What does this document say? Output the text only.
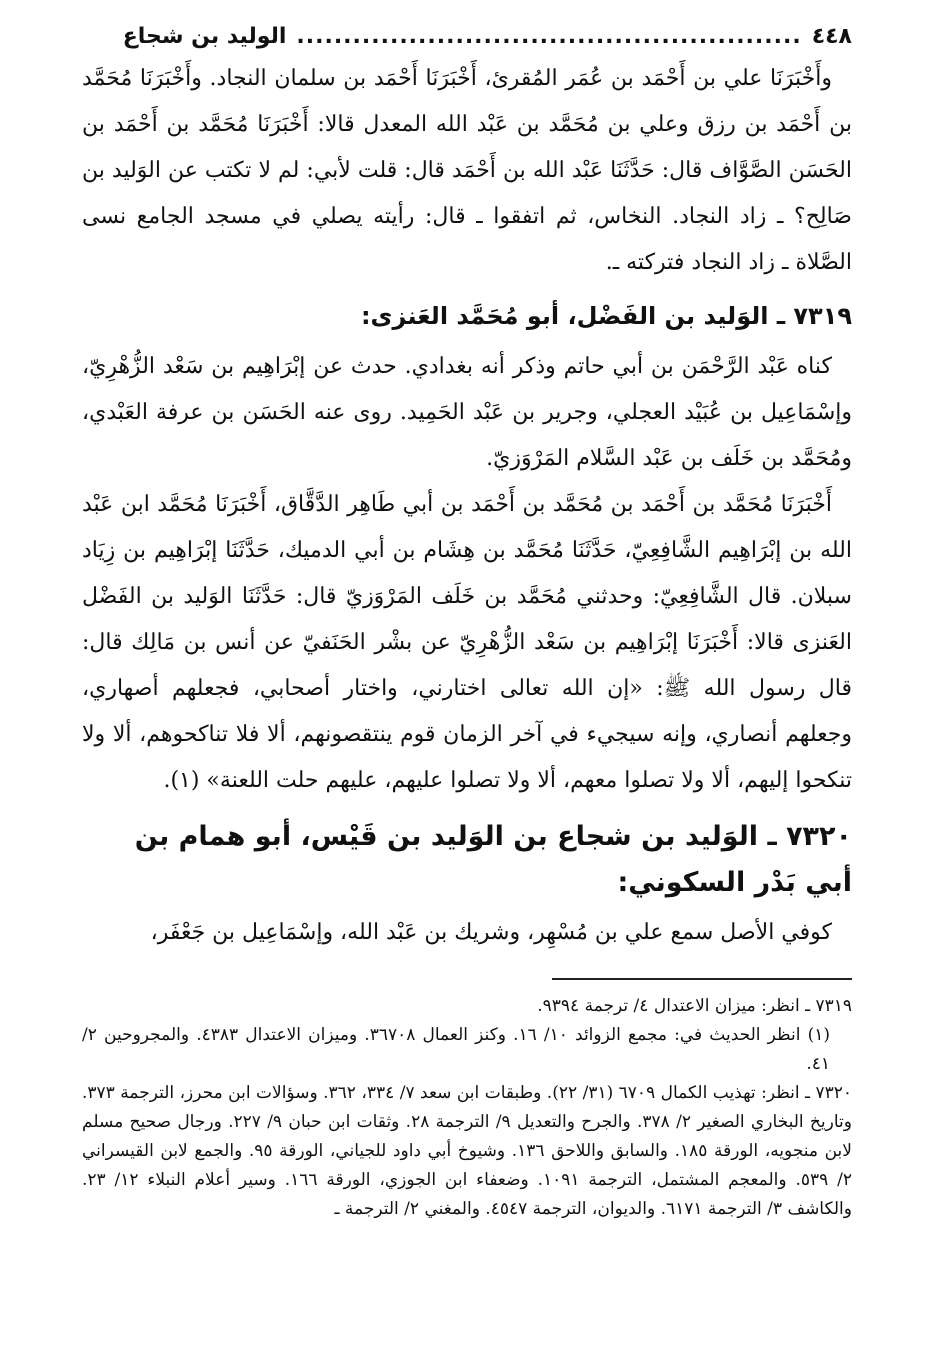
٤٤٨
......................................................
الوليد بن شجاع

وأَخْبَرَنَا علي بن أَحْمَد بن عُمَر المُقرئ، أَخْبَرَنَا أَحْمَد بن سلمان النجاد. وأَخْبَرَنَا مُحَمَّد بن أَحْمَد بن رزق وعلي بن مُحَمَّد بن عَبْد الله المعدل قالا: أَخْبَرَنَا مُحَمَّد بن أَحْمَد بن الحَسَن الصَّوَّاف قال: حَدَّثَنَا عَبْد الله بن أَحْمَد قال: قلت لأبي: لم لا تكتب عن الوَليد بن صَالِح؟ ـ زاد النجاد. النخاس، ثم اتفقوا ـ قال: رأيته يصلي في مسجد الجامع نسى الصَّلاة ـ زاد النجاد فتركته ـ.

٧٣١٩ ـ الوَليد بن الفَضْل، أبو مُحَمَّد العَنزى:

كناه عَبْد الرَّحْمَن بن أبي حاتم وذكر أنه بغدادي. حدث عن إبْرَاهِيم بن سَعْد الزُّهْرِيّ، وإسْمَاعِيل بن عُبَيْد العجلي، وجرير بن عَبْد الحَمِيد. روى عنه الحَسَن بن عرفة العَبْدي، ومُحَمَّد بن خَلَف بن عَبْد السَّلام المَرْوَزيّ.

أَخْبَرَنَا مُحَمَّد بن أَحْمَد بن مُحَمَّد بن أَحْمَد بن أبي طَاهِر الدَّقَّاق، أَخْبَرَنَا مُحَمَّد ابن عَبْد الله بن إبْرَاهِيم الشَّافِعِيّ، حَدَّثَنَا مُحَمَّد بن هِشَام بن أبي الدميك، حَدَّثَنَا إبْرَاهِيم بن زِيَاد سبلان. قال الشَّافِعِيّ: وحدثني مُحَمَّد بن خَلَف المَرْوَزيّ قال: حَدَّثَنَا الوَليد بن الفَضْل العَنزى قالا: أَخْبَرَنَا إبْرَاهِيم بن سَعْد الزُّهْرِيّ عن بشْر الحَنَفيّ عن أنس بن مَالِك قال: قال رسول الله ﷺ: «إن الله تعالى اختارني، واختار أصحابي، فجعلهم أصهاري، وجعلهم أنصاري، وإنه سيجيء في آخر الزمان قوم ينتقصونهم، ألا فلا تناكحوهم، ألا ولا تنكحوا إليهم، ألا ولا تصلوا معهم، ألا ولا تصلوا عليهم، عليهم حلت اللعنة» (١).

٧٣٢٠ ـ الوَليد بن شجاع بن الوَليد بن قَيْس، أبو همام بن أبي بَدْر السكوني:

كوفي الأصل سمع علي بن مُسْهِر، وشريك بن عَبْد الله، وإسْمَاعِيل بن جَعْفَر،

٧٣١٩ ـ انظر: ميزان الاعتدال ٤/ ترجمة ٩٣٩٤.

(١) انظر الحديث في: مجمع الزوائد ١٠/ ١٦. وكنز العمال ٣٦٧٠٨. وميزان الاعتدال ٤٣٨٣. والمجروحين ٢/ ٤١.

٧٣٢٠ ـ انظر: تهذيب الكمال ٦٧٠٩ (٣١/ ٢٢). وطبقات ابن سعد ٧/ ٣٣٤، ٣٦٢. وسؤالات ابن محرز، الترجمة ٣٧٣. وتاريخ البخاري الصغير ٢/ ٣٧٨. والجرح والتعديل ٩/ الترجمة ٢٨. وثقات ابن حبان ٩/ ٢٢٧. ورجال صحيح مسلم لابن منجويه، الورقة ١٨٥. والسابق واللاحق ١٣٦. وشيوخ أبي داود للجياني، الورقة ٩٥. والجمع لابن القيسراني ٢/ ٥٣٩. والمعجم المشتمل، الترجمة ١٠٩١. وضعفاء ابن الجوزي، الورقة ١٦٦. وسير أعلام النبلاء ١٢/ ٢٣. والكاشف ٣/ الترجمة ٦١٧١. والديوان، الترجمة ٤٥٤٧. والمغني ٢/ الترجمة ـ
